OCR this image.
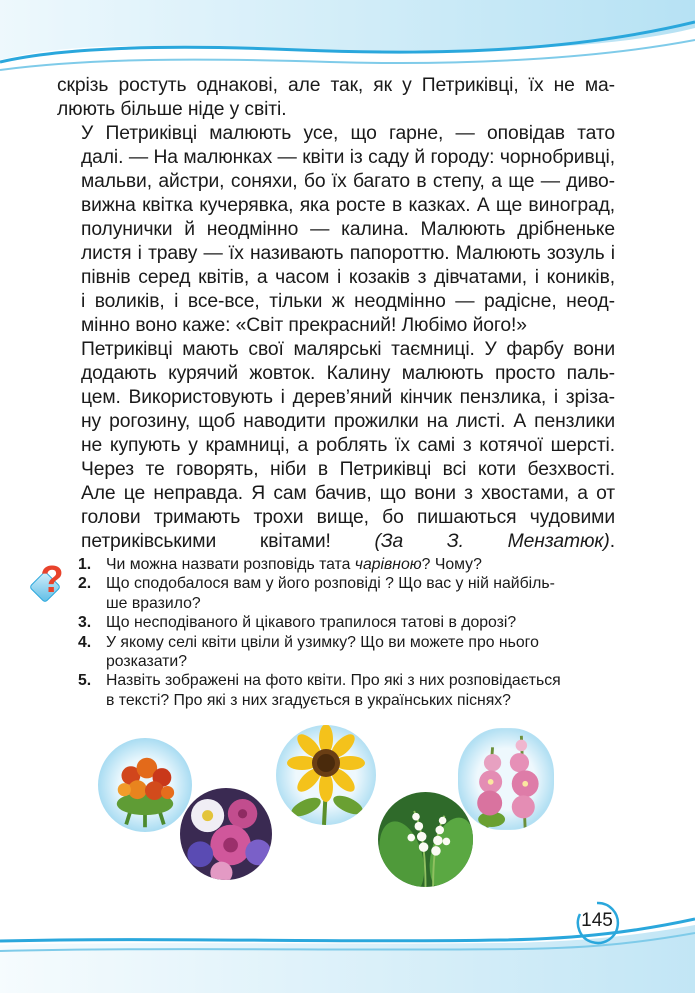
скрізь ростуть однакові, але так, як у Петриківці, їх не ма-
люють більше ніде у світі.

У Петриківці малюють усе, що гарне, — оповідав тато
далі. — На малюнках — квіти із саду й городу: чорнобривці,
мальви, айстри, соняхи, бо їх багато в степу, а ще — диво-
вижна квітка кучерявка, яка росте в казках. А ще виноград,
полунички й неодмінно — калина. Малюють дрібненьке
листя і траву — їх називають папороттю. Малюють зозуль і
півнів серед квітів, а часом і козаків з дівчатами, і коників,
і воликів, і все-все, тільки ж неодмінно — радісне, неод-
мінно воно каже: «Світ прекрасний! Любімо його!»

Петриківці мають свої малярські таємниці. У фарбу вони
додають курячий жовток. Калину малюють просто паль-
цем. Використовують і дерев’яний кінчик пензлика, і зріза-
ну рогозину, щоб наводити прожилки на листі. А пензлики
не купують у крамниці, а роблять їх самі з котячої шерсті.
Через те говорять, ніби в Петриківці всі коти безхвості.
Але це неправда. Я сам бачив, що вони з хвостами, а от
голови тримають трохи вище, бо пишаються чудовими
петриківськими квітами! (За З. Мензатюк).

? 1. Чи можна назвати розповідь тата чарівною? Чому?
2. Що сподобалося вам у його розповіді ? Що вас у ній найбіль-
ше вразило?
3. Що несподіваного й цікавого трапилося татові в дорозі?
4. У якому селі квіти цвіли й узимку? Що ви можете про нього
розказати?
5. Назвіть зображені на фото квіти. Про які з них розповідається
в тексті? Про які з них згадується в українських піснях?
145
